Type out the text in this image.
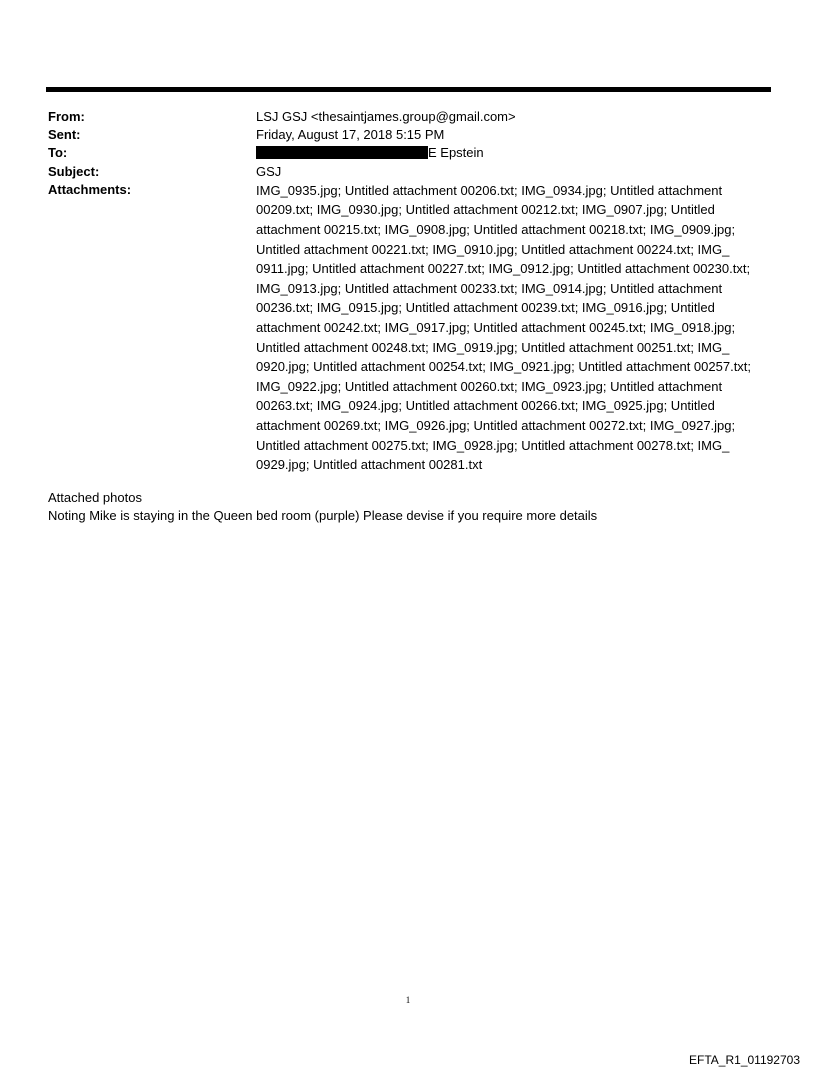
From:	LSJ GSJ <thesaintjames.group@gmail.com>
Sent:	Friday, August 17, 2018 5:15 PM
To:	E Epstein
Subject:	GSJ
Attachments:	IMG_0935.jpg; Untitled attachment 00206.txt; IMG_0934.jpg; Untitled attachment 00209.txt; IMG_0930.jpg; Untitled attachment 00212.txt; IMG_0907.jpg; Untitled attachment 00215.txt; IMG_0908.jpg; Untitled attachment 00218.txt; IMG_0909.jpg; Untitled attachment 00221.txt; IMG_0910.jpg; Untitled attachment 00224.txt; IMG_ 0911.jpg; Untitled attachment 00227.txt; IMG_0912.jpg; Untitled attachment 00230.txt; IMG_0913.jpg; Untitled attachment 00233.txt; IMG_0914.jpg; Untitled attachment 00236.txt; IMG_0915.jpg; Untitled attachment 00239.txt; IMG_0916.jpg; Untitled attachment 00242.txt; IMG_0917.jpg; Untitled attachment 00245.txt; IMG_0918.jpg; Untitled attachment 00248.txt; IMG_0919.jpg; Untitled attachment 00251.txt; IMG_ 0920.jpg; Untitled attachment 00254.txt; IMG_0921.jpg; Untitled attachment 00257.txt; IMG_0922.jpg; Untitled attachment 00260.txt; IMG_0923.jpg; Untitled attachment 00263.txt; IMG_0924.jpg; Untitled attachment 00266.txt; IMG_0925.jpg; Untitled attachment 00269.txt; IMG_0926.jpg; Untitled attachment 00272.txt; IMG_0927.jpg; Untitled attachment 00275.txt; IMG_0928.jpg; Untitled attachment 00278.txt; IMG_ 0929.jpg; Untitled attachment 00281.txt
Attached photos
Noting Mike is staying in the Queen bed room (purple) Please devise if you require more details
1
EFTA_R1_01192703
